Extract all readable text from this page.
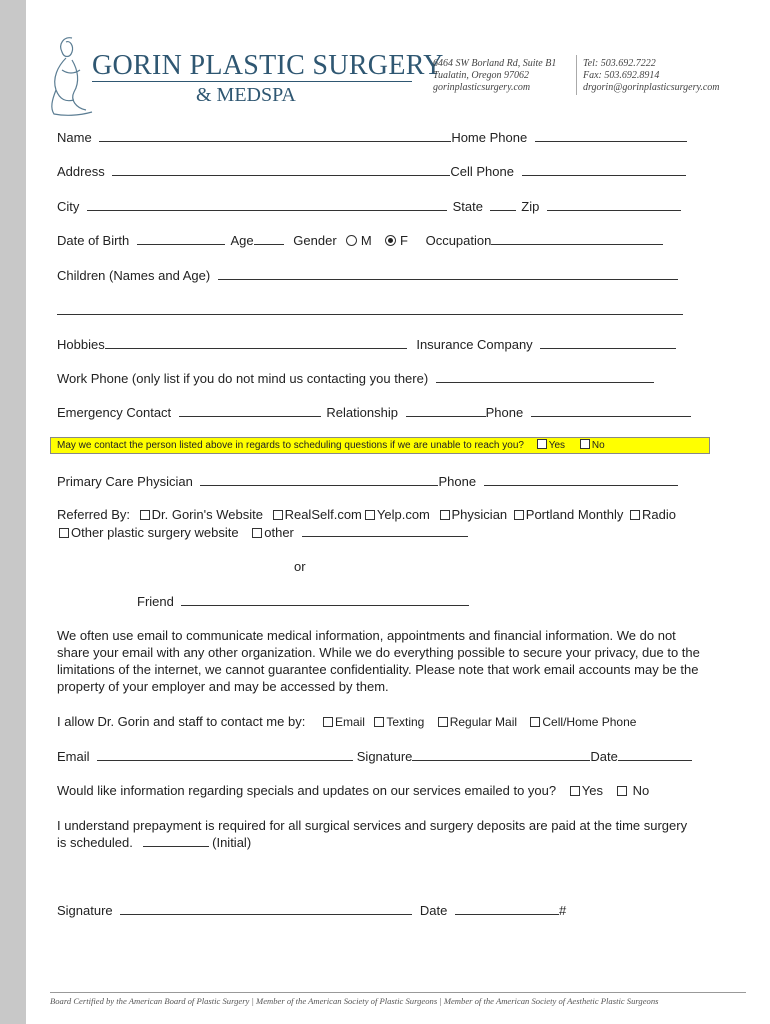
GORIN PLASTIC SURGERY
& MEDSPA
6464 SW Borland Rd, Suite B1
Tualatin, Oregon 97062
gorinplasticsurgery.com
Tel: 503.692.7222
Fax: 503.692.8914
drgorin@gorinplasticsurgery.com
Name	Home Phone
Address	Cell Phone
City	State	Zip
Date of Birth	Age	Gender M F Occupation
Children (Names and Age)
Hobbies	Insurance Company
Work Phone (only list if you do not mind us contacting you there)
Emergency Contact	Relationship	Phone
May we contact the person listed above in regards to scheduling questions if we are unable to reach you? Yes	No
Primary Care Physician	Phone
Referred By: Dr. Gorin's Website RealSelf.com Yelp.com Physician Portland Monthly Radio
Other plastic surgery website other
or
Friend
We often use email to communicate medical information, appointments and financial information. We do not share your email with any other organization. While we do everything possible to secure your privacy, due to the limitations of the internet, we cannot guarantee confidentiality. Please note that work email accounts may be the property of your employer and may be accessed by them.
I allow Dr. Gorin and staff to contact me by: Email Texting Regular Mail Cell/Home Phone
Email	Signature	Date
Would like information regarding specials and updates on our services emailed to you? Yes No
I understand prepayment is required for all surgical services and surgery deposits are paid at the time surgery is scheduled.	(Initial)
Signature	Date	#
Board Certified by the American Board of Plastic Surgery | Member of the American Society of Plastic Surgeons | Member of the American Society of Aesthetic Plastic Surgeons
